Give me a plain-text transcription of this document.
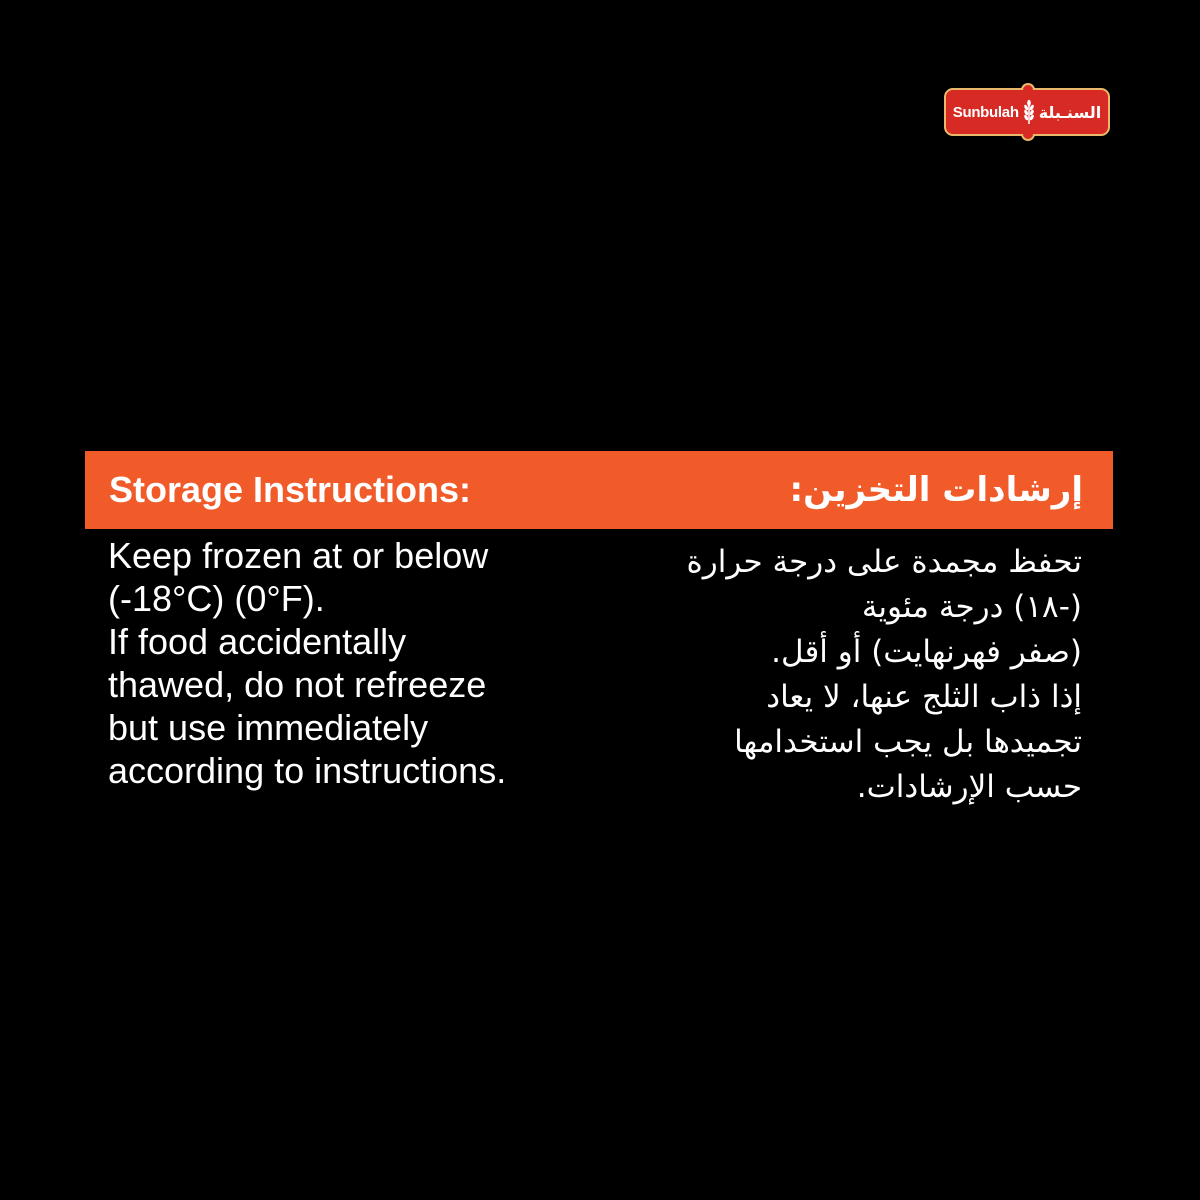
Sunbulah السنـبلة
Storage Instructions:	إرشادات التخزين:
Keep frozen at or below
(-18°C) (0°F).
If food accidentally
thawed, do not refreeze
but use immediately
according to instructions.
تحفظ مجمدة على درجة حرارة
(-١٨) درجة مئوية
(صفر فهرنهايت) أو أقل.
إذا ذاب الثلج عنها، لا يعاد
تجميدها بل يجب استخدامها
حسب الإرشادات.
